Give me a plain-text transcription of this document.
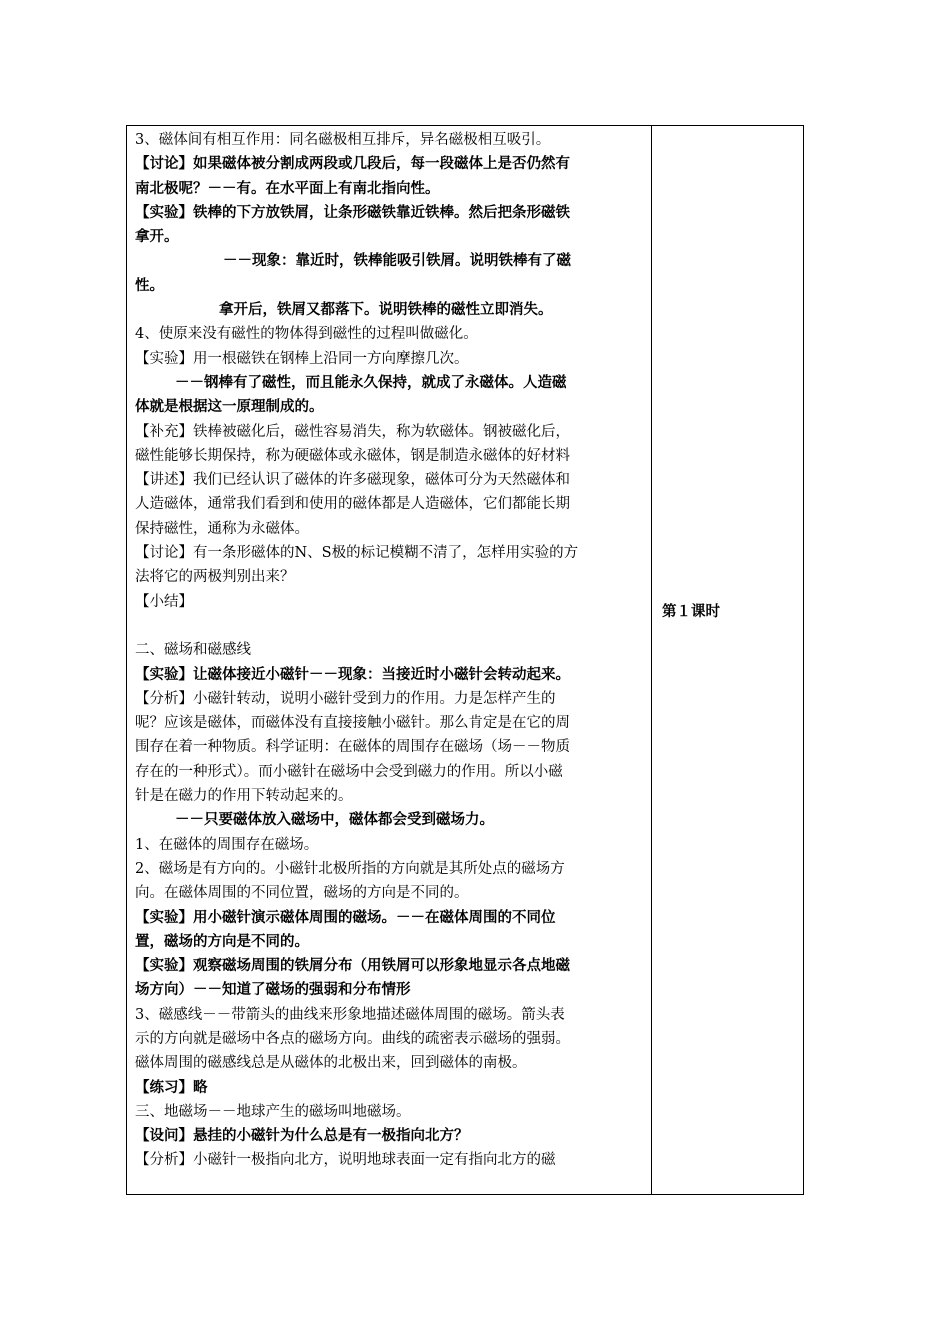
3、磁体间有相互作用：同名磁极相互排斥，异名磁极相互吸引。
【讨论】如果磁体被分割成两段或几段后，每一段磁体上是否仍然有
南北极呢？－－有。在水平面上有南北指向性。
【实验】铁棒的下方放铁屑，让条形磁铁靠近铁棒。然后把条形磁铁
拿开。
－－现象：靠近时，铁棒能吸引铁屑。说明铁棒有了磁
性。
拿开后，铁屑又都落下。说明铁棒的磁性立即消失。
4、使原来没有磁性的物体得到磁性的过程叫做磁化。
【实验】用一根磁铁在钢棒上沿同一方向摩擦几次。
－－钢棒有了磁性，而且能永久保持，就成了永磁体。人造磁
体就是根据这一原理制成的。
【补充】铁棒被磁化后，磁性容易消失，称为软磁体。钢被磁化后，
磁性能够长期保持，称为硬磁体或永磁体，钢是制造永磁体的好材料
【讲述】我们已经认识了磁体的许多磁现象，磁体可分为天然磁体和
人造磁体，通常我们看到和使用的磁体都是人造磁体，它们都能长期
保持磁性，通称为永磁体。
【讨论】有一条形磁体的N、S极的标记模糊不清了，怎样用实验的方
法将它的两极判别出来？
【小结】
二、磁场和磁感线
【实验】让磁体接近小磁针－－现象：当接近时小磁针会转动起来。
【分析】小磁针转动，说明小磁针受到力的作用。力是怎样产生的
呢？应该是磁体，而磁体没有直接接触小磁针。那么肯定是在它的周
围存在着一种物质。科学证明：在磁体的周围存在磁场（场－－物质
存在的一种形式）。而小磁针在磁场中会受到磁力的作用。所以小磁
针是在磁力的作用下转动起来的。
－－只要磁体放入磁场中，磁体都会受到磁场力。
1、在磁体的周围存在磁场。
2、磁场是有方向的。小磁针北极所指的方向就是其所处点的磁场方
向。在磁体周围的不同位置，磁场的方向是不同的。
【实验】用小磁针演示磁体周围的磁场。－－在磁体周围的不同位
置，磁场的方向是不同的。
【实验】观察磁场周围的铁屑分布（用铁屑可以形象地显示各点地磁
场方向）－－知道了磁场的强弱和分布情形
3、磁感线－－带箭头的曲线来形象地描述磁体周围的磁场。箭头表
示的方向就是磁场中各点的磁场方向。曲线的疏密表示磁场的强弱。
磁体周围的磁感线总是从磁体的北极出来，回到磁体的南极。
【练习】略
三、地磁场－－地球产生的磁场叫地磁场。
【设问】悬挂的小磁针为什么总是有一极指向北方？
【分析】小磁针一极指向北方，说明地球表面一定有指向北方的磁
第１课时
